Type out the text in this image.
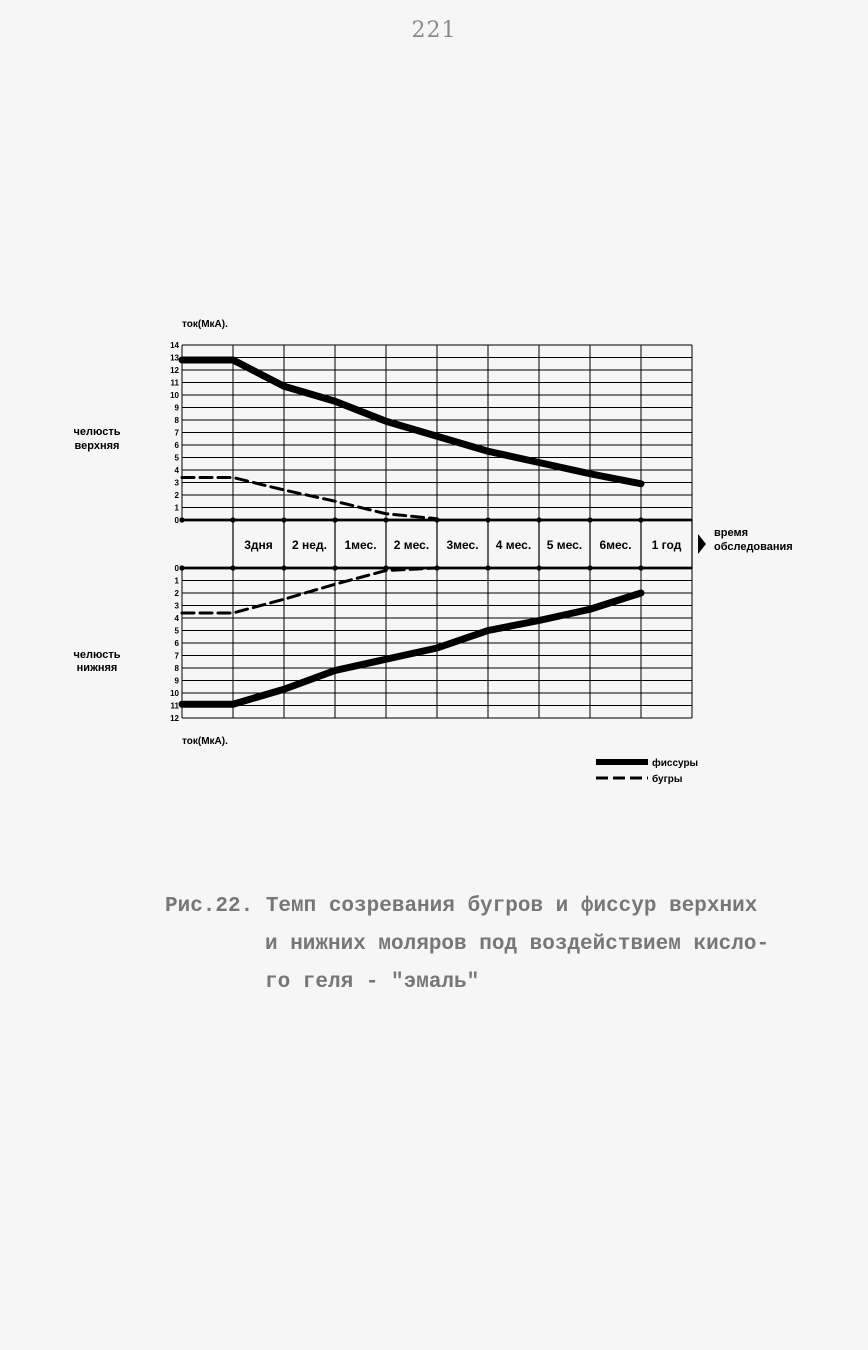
221
0
1
2
3
4
5
6
7
8
9
10
11
12
13
14
ток(МкА).
челюсть
верхняя
3дня 2 нед. 1мес. 2 мес. 3мес. 4 мес. 5 мес. 6мес. 1 год
время
обследования
0
1
2
3
4
5
6
7
8
9
10
11
12
ток(МкА).
челюсть
нижняя
фиссуры
бугры
Рис.22. Темп созревания бугров и фиссур верхних
и нижних моляров под воздействием кисло-
го геля - "эмаль"
